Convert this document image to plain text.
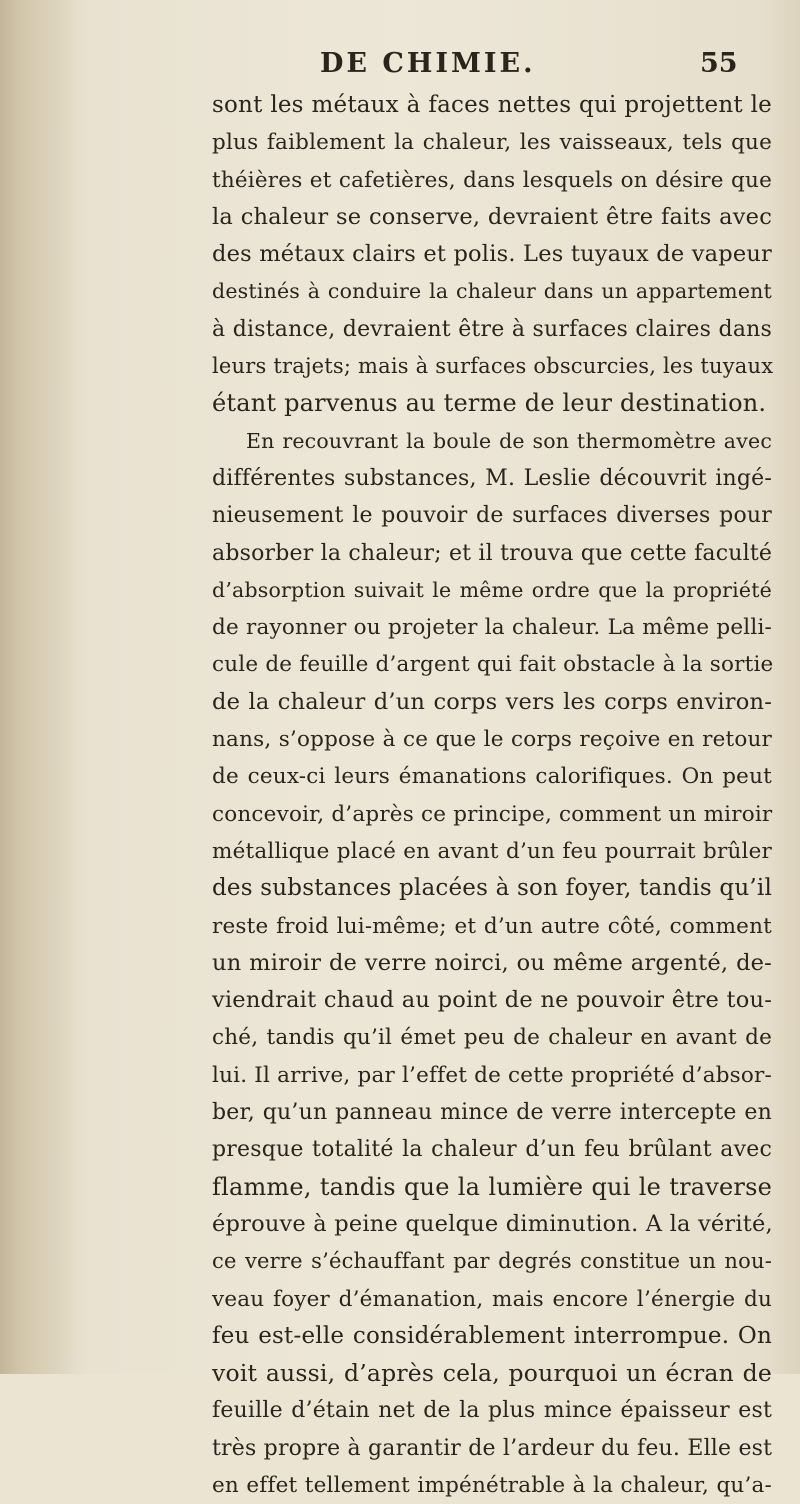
DE CHIMIE.	55
sont les métaux à faces nettes qui projettent le
plus faiblement la chaleur, les vaisseaux, tels que
théières et cafetières, dans lesquels on désire que
la chaleur se conserve, devraient être faits avec
des métaux clairs et polis. Les tuyaux de vapeur
destinés à conduire la chaleur dans un appartement
à distance, devraient être à surfaces claires dans
leurs trajets; mais à surfaces obscurcies, les tuyaux
étant parvenus au terme de leur destination.
En recouvrant la boule de son thermomètre avec
différentes substances, M. Leslie découvrit ingé-
nieusement le pouvoir de surfaces diverses pour
absorber la chaleur; et il trouva que cette faculté
d’absorption suivait le même ordre que la propriété
de rayonner ou projeter la chaleur. La même pelli-
cule de feuille d’argent qui fait obstacle à la sortie
de la chaleur d’un corps vers les corps environ-
nans, s’oppose à ce que le corps reçoive en retour
de ceux-ci leurs émanations calorifiques. On peut
concevoir, d’après ce principe, comment un miroir
métallique placé en avant d’un feu pourrait brûler
des substances placées à son foyer, tandis qu’il
reste froid lui-même; et d’un autre côté, comment
un miroir de verre noirci, ou même argenté, de-
viendrait chaud au point de ne pouvoir être tou-
ché, tandis qu’il émet peu de chaleur en avant de
lui. Il arrive, par l’effet de cette propriété d’absor-
ber, qu’un panneau mince de verre intercepte en
presque totalité la chaleur d’un feu brûlant avec
flamme, tandis que la lumière qui le traverse
éprouve à peine quelque diminution. A la vérité,
ce verre s’échauffant par degrés constitue un nou-
veau foyer d’émanation, mais encore l’énergie du
feu est-elle considérablement interrompue. On
voit aussi, d’après cela, pourquoi un écran de
feuille d’étain net de la plus mince épaisseur est
très propre à garantir de l’ardeur du feu. Elle est
en effet tellement impénétrable à la chaleur, qu’a-
